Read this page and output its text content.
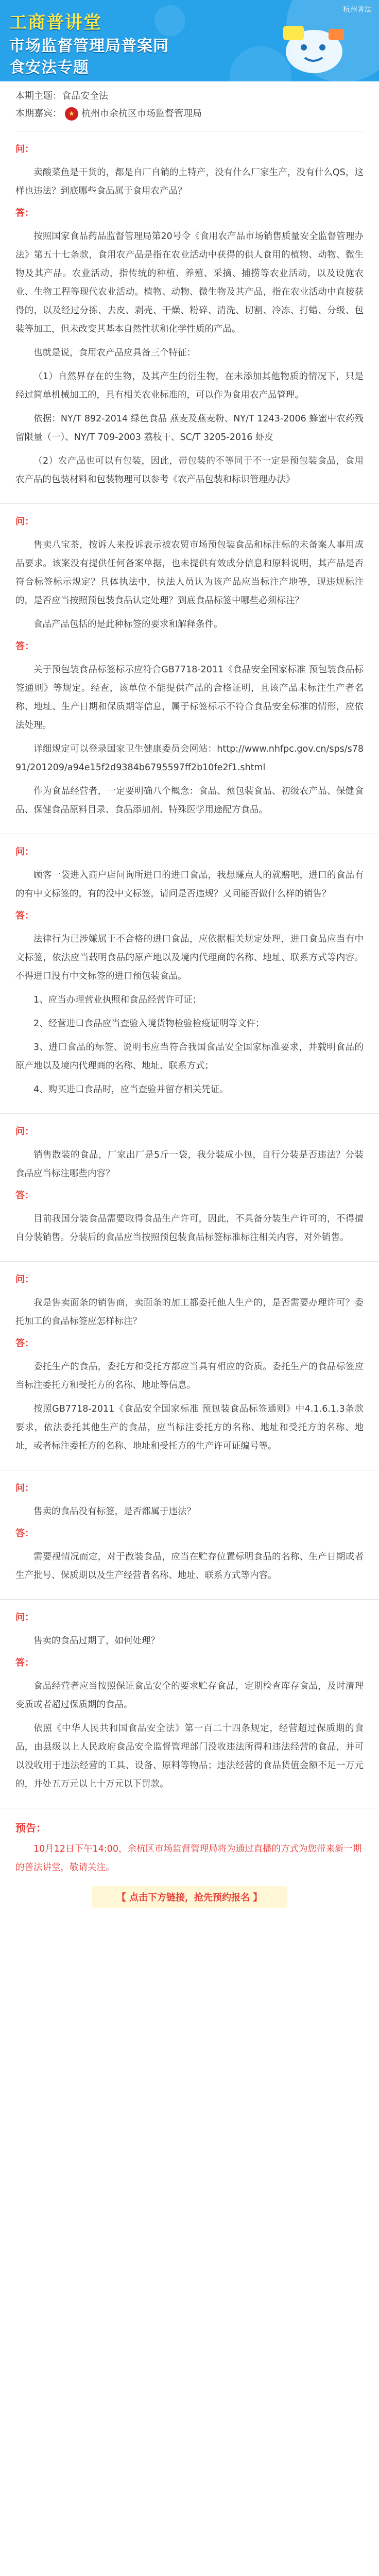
杭州普法
工商普讲堂
市场监督管理局普案同
食安法专题
本期主题： 食品安全法
本期嘉宾： ★ 杭州市余杭区市场监督管理局
问：
卖酸菜鱼是干货的，都是自厂自销的土特产，没有什么厂家生产，没有什么QS，这样也违法？到底哪些食品属于食用农产品？
答：
按照国家食品药品监督管理局第20号令《食用农产品市场销售质量安全监督管理办法》第五十七条款，食用农产品是指在农业活动中获得的供人食用的植物、动物、微生物及其产品。农业活动，指传统的种植、养殖、采摘、捕捞等农业活动，以及设施农业、生物工程等现代农业活动。植物、动物、微生物及其产品，指在农业活动中直接获得的，以及经过分拣、去皮、剥壳、干燥、粉碎、清洗、切割、冷冻、打蜡、分级、包装等加工，但未改变其基本自然性状和化学性质的产品。
也就是说，食用农产品应具备三个特征：
（1）自然界存在的生物，及其产生的衍生物，在未添加其他物质的情况下，只是经过简单机械加工的，具有相关农业标准的，可以作为食用农产品管理。
依据：NY/T 892-2014 绿色食品 燕麦及燕麦粉、NY/T 1243-2006 蜂蜜中农药残留限量（一）、NY/T 709-2003 荔枝干、SC/T 3205-2016 虾皮
（2）农产品也可以有包装，因此，带包装的不等同于不一定是预包装食品，食用农产品的包装材料和包装物理可以参考《农产品包装和标识管理办法》
问：
售卖八宝茶，按诉人来投诉表示被农贸市场预包装食品和标注标的未备案人事用成品要求。该案没有提供任何备案单据，也未提供有效成分信息和原料说明，其产品是否符合标签标示规定？具体执法中，执法人员认为该产品应当标注产地等，现违规标注的，是否应当按照预包装食品认定处理？到底食品标签中哪些必须标注？
食品产品包括的是此种标签的要求和解释条件。
答：
关于预包装食品标签标示应符合GB7718-2011《食品安全国家标准 预包装食品标签通则》等规定。经查，该单位不能提供产品的合格证明，且该产品未标注生产者名称、地址、生产日期和保质期等信息，属于标签标示不符合食品安全标准的情形，应依法处理。
详细规定可以登录国家卫生健康委员会网站：http://www.nhfpc.gov.cn/sps/s7891/201209/a94e15f2d9384b6795597ff2b10fe2f1.shtml
作为食品经营者，一定要明确八个概念：食品、预包装食品、初级农产品、保健食品、保健食品原料目录、食品添加剂、特殊医学用途配方食品。
问：
顾客一袋进入商户店问询所进口的进口食品，我想赚点人的就赔吧，进口的食品有的有中文标签的，有的没中文标签，请问是否违规？又问能否做什么样的销售？
答：
法律行为已涉嫌属于不合格的进口食品，应依据相关规定处理，进口食品应当有中文标签，依法应当载明食品的原产地以及境内代理商的名称、地址、联系方式等内容。不得进口没有中文标签的进口预包装食品。
1、应当办理营业执照和食品经营许可证；
2、经营进口食品应当查验入境货物检验检疫证明等文件；
3、进口食品的标签、说明书应当符合我国食品安全国家标准要求，并载明食品的原产地以及境内代理商的名称、地址、联系方式；
4、购买进口食品时，应当查验并留存相关凭证。
问：
销售散装的食品，厂家出厂是5斤一袋，我分装成小包，自行分装是否违法？分装食品应当标注哪些内容？
答：
目前我国分装食品需要取得食品生产许可，因此，不具备分装生产许可的，不得擅自分装销售。分装后的食品应当按照预包装食品标签标准标注相关内容，对外销售。
问：
我是售卖面条的销售商，卖面条的加工都委托他人生产的，是否需要办理许可？委托加工的食品标签应怎样标注？
答：
委托生产的食品，委托方和受托方都应当具有相应的资质。委托生产的食品标签应当标注委托方和受托方的名称、地址等信息。
按照GB7718-2011《食品安全国家标准 预包装食品标签通则》中4.1.6.1.3条款要求，依法委托其他生产的食品，应当标注委托方的名称、地址和受托方的名称、地址，或者标注委托方的名称、地址和受托方的生产许可证编号等。
问：
售卖的食品没有标签，是否都属于违法？
答：
需要视情况而定，对于散装食品，应当在贮存位置标明食品的名称、生产日期或者生产批号、保质期以及生产经营者名称、地址、联系方式等内容。
问：
售卖的食品过期了，如何处理？
答：
食品经营者应当按照保证食品安全的要求贮存食品，定期检查库存食品，及时清理变质或者超过保质期的食品。
依照《中华人民共和国食品安全法》第一百二十四条规定，经营超过保质期的食品，由县级以上人民政府食品安全监督管理部门没收违法所得和违法经营的食品，并可以没收用于违法经营的工具、设备、原料等物品；违法经营的食品货值金额不足一万元的，并处五万元以上十万元以下罚款。
预告：
10月12日下午14:00，余杭区市场监督管理局将为通过直播的方式为您带来新一期的普法讲堂，敬请关注。
【 点击下方链接，抢先预约报名 】
